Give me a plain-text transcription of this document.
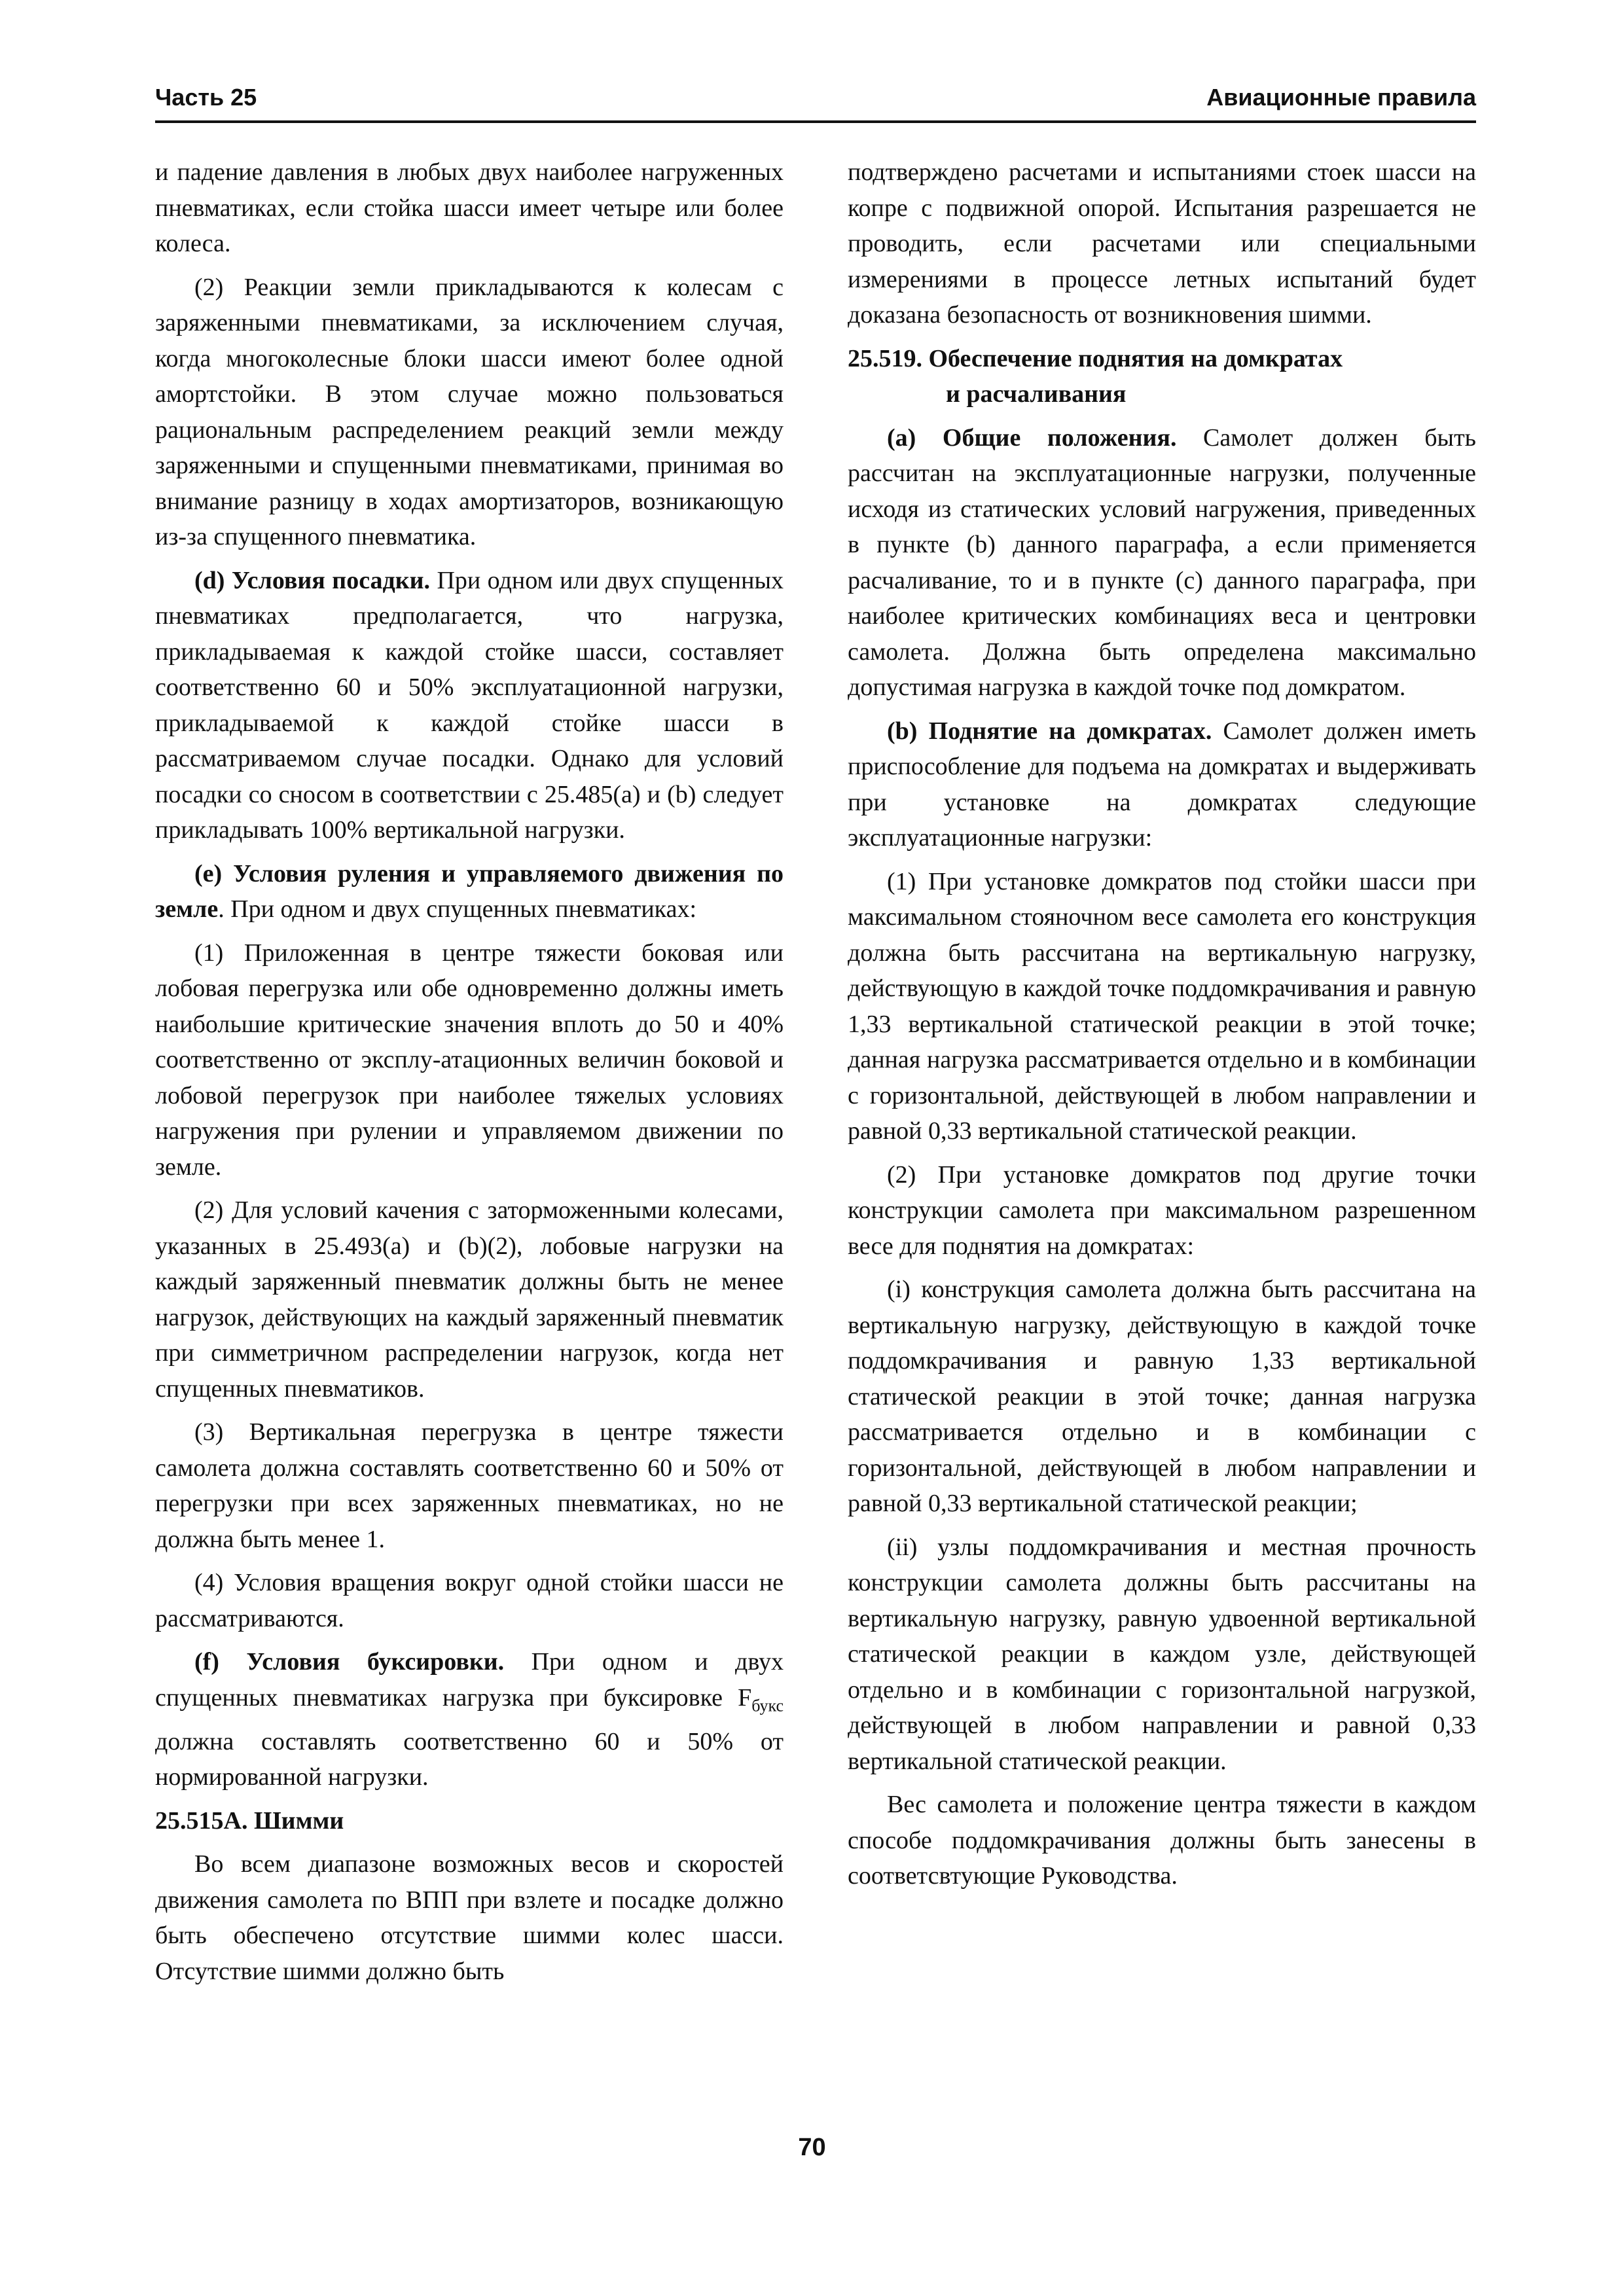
Часть 25	Авиационные правила

и падение давления в любых двух наиболее нагруженных пневматиках, если стойка шасси имеет четыре или более колеса.

(2) Реакции земли прикладываются к колесам с заряженными пневматиками, за исключением случая, когда многоколесные блоки шасси имеют более одной амортстойки. В этом случае можно пользоваться рациональным распределением реакций земли между заряженными и спущенными пневматиками, принимая во внимание разницу в ходах амортизаторов, возникающую из-за спущенного пневматика.

(d) Условия посадки. При одном или двух спущенных пневматиках предполагается, что нагрузка, прикладываемая к каждой стойке шасси, составляет соответственно 60 и 50% эксплуатационной нагрузки, прикладываемой к каждой стойке шасси в рассматриваемом случае посадки. Однако для условий посадки со сносом в соответствии с 25.485(a) и (b) следует прикладывать 100% вертикальной нагрузки.

(e) Условия руления и управляемого движения по земле. При одном и двух спущенных пневматиках:

(1) Приложенная в центре тяжести боковая или лобовая перегрузка или обе одновременно должны иметь наибольшие критические значения вплоть до 50 и 40% соответственно от эксплу-атационных величин боковой и лобовой перегрузок при наиболее тяжелых условиях нагружения при рулении и управляемом движении по земле.

(2) Для условий качения с заторможенными колесами, указанных в 25.493(a) и (b)(2), лобовые нагрузки на каждый заряженный пневматик должны быть не менее нагрузок, действующих на каждый заряженный пневматик при симметричном распределении нагрузок, когда нет спущенных пневматиков.

(3) Вертикальная перегрузка в центре тяжести самолета должна составлять соответственно 60 и 50% от перегрузки при всех заряженных пневматиках, но не должна быть менее 1.

(4) Условия вращения вокруг одной стойки шасси не рассматриваются.

(f) Условия буксировки. При одном и двух спущенных пневматиках нагрузка при буксировке $F_{букс}$ должна составлять соответственно 60 и 50% от нормированной нагрузки.

25.515А. Шимми

Во всем диапазоне возможных весов и скоростей движения самолета по ВПП при взлете и посадке должно быть обеспечено отсутствие шимми колес шасси. Отсутствие шимми должно быть

подтверждено расчетами и испытаниями стоек шасси на копре с подвижной опорой. Испытания разрешается не проводить, если расчетами или специальными измерениями в процессе летных испытаний будет доказана безопасность от возникновения шимми.

25.519. Обеспечение поднятия на домкратах
и расчаливания

(a) Общие положения. Самолет должен быть рассчитан на эксплуатационные нагрузки, полученные исходя из статических условий нагружения, приведенных в пункте (b) данного параграфа, а если применяется расчаливание, то и в пункте (c) данного параграфа, при наиболее критических комбинациях веса и центровки самолета. Должна быть определена максимально допустимая нагрузка в каждой точке под домкратом.

(b) Поднятие на домкратах. Самолет должен иметь приспособление для подъема на домкратах и выдерживать при установке на домкратах следующие эксплуатационные нагрузки:

(1) При установке домкратов под стойки шасси при максимальном стояночном весе самолета его конструкция должна быть рассчитана на вертикальную нагрузку, действующую в каждой точке поддомкрачивания и равную 1,33 вертикальной статической реакции в этой точке; данная нагрузка рассматривается отдельно и в комбинации с горизонтальной, действующей в любом направлении и равной 0,33 вертикальной статической реакции.

(2) При установке домкратов под другие точки конструкции самолета при максимальном разрешенном весе для поднятия на домкратах:

(i) конструкция самолета должна быть рассчитана на вертикальную нагрузку, действующую в каждой точке поддомкрачивания и равную 1,33 вертикальной статической реакции в этой точке; данная нагрузка рассматривается отдельно и в комбинации с горизонтальной, действующей в любом направлении и равной 0,33 вертикальной статической реакции;

(ii) узлы поддомкрачивания и местная прочность конструкции самолета должны быть рассчитаны на вертикальную нагрузку, равную удвоенной вертикальной статической реакции в каждом узле, действующей отдельно и в комбинации с горизонтальной нагрузкой, действующей в любом направлении и равной 0,33 вертикальной статической реакции.

Вес самолета и положение центра тяжести в каждом способе поддомкрачивания должны быть занесены в соответсвтующие Руководства.

70
